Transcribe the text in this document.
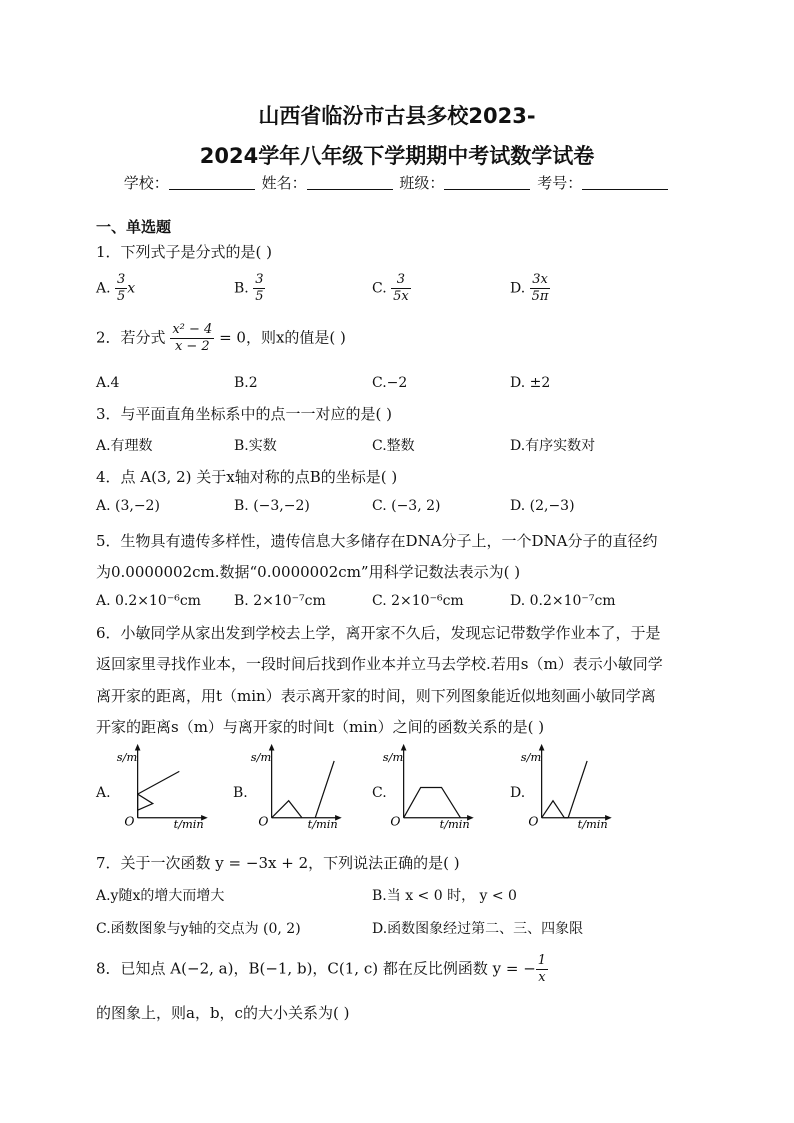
山西省临汾市古县多校2023-
2024学年八年级下学期期中考试数学试卷
学校：	姓名：	班级：	考号：
一、单选题
1．下列式子是分式的是( )
A. $\frac{3}{5}$ x	B. $\frac{3}{5}$	C. $\frac{3}{5x}$	D. $\frac{3x}{5\pi}$
2．若分式 $\frac{\text{x² − 4}}{x - 2} = 0$，则x的值是( )
A.4	B.2	C.−2	D. ±2
3．与平面直角坐标系中的点一一对应的是( )
A.有理数	B.实数	C.整数	D.有序实数对
4．点 A(3, 2) 关于x轴对称的点B的坐标是( )
A. (3,−2)	B. (−3,−2)	C. (−3, 2)	D. (2,−3)
5．生物具有遗传多样性，遗传信息大多储存在DNA分子上，一个DNA分子的直径约
为0.0000002cm.数据“0.0000002cm”用科学记数法表示为( )
A. 0.2×10⁻⁶cm B. 2×10⁻⁷cm	C. 2×10⁻⁶cm	D. 0.2×10⁻⁷cm
6．小敏同学从家出发到学校去上学，离开家不久后，发现忘记带数学作业本了，于是
返回家里寻找作业本，一段时间后找到作业本并立马去学校.若用s（m）表示小敏同学
离开家的距离，用t（min）表示离开家的时间，则下列图象能近似地刻画小敏同学离
开家的距离s（m）与离开家的时间t（min）之间的函数关系的是( )
A.
s/m
O	t/min
B.
s/m
O	t/min
C.
s/m
O	t/min
D.
s/m
O	t/min
7．关于一次函数 y = −3x + 2，下列说法正确的是( )
A.y随x的增大而增大	B.当 x < 0 时， y < 0
C.函数图象与y轴的交点为 (0, 2)	D.函数图象经过第二、三、四象限
8．已知点 A(−2, a)，B(−1, b)，C(1, c) 都在反比例函数 y = − $\frac{1}{x}$
的图象上，则a，b，c的大小关系为( )
